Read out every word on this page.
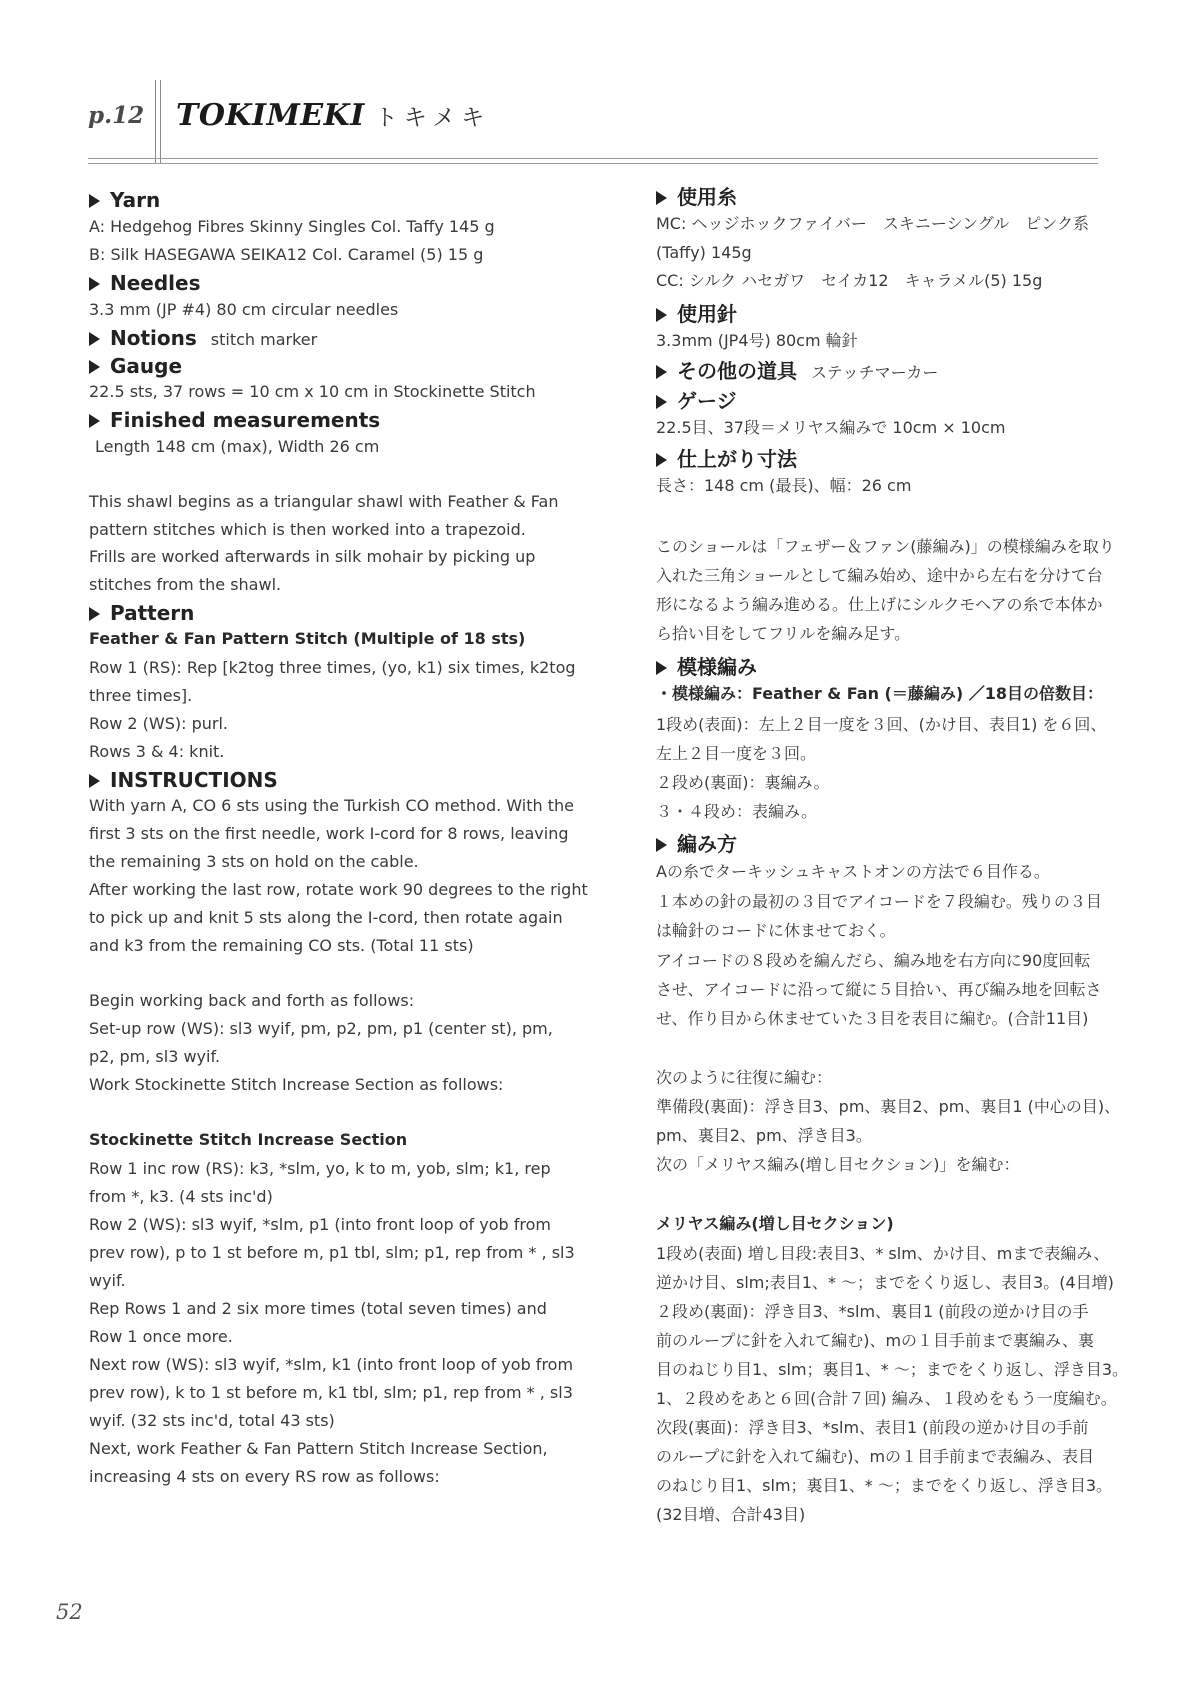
p.12 TOKIMEKI トキメキ
Yarn
A: Hedgehog Fibres Skinny Singles Col. Taffy 145 g
B: Silk HASEGAWA SEIKA12 Col. Caramel (5) 15 g
Needles
3.3 mm (JP #4) 80 cm circular needles
Notions stitch marker
Gauge
22.5 sts, 37 rows = 10 cm x 10 cm in Stockinette Stitch
Finished measurements
Length 148 cm (max), Width 26 cm
This shawl begins as a triangular shawl with Feather & Fan
pattern stitches which is then worked into a trapezoid.
Frills are worked afterwards in silk mohair by picking up
stitches from the shawl.
Pattern
Feather & Fan Pattern Stitch (Multiple of 18 sts)
Row 1 (RS): Rep [k2tog three times, (yo, k1) six times, k2tog
three times].
Row 2 (WS): purl.
Rows 3 & 4: knit.
INSTRUCTIONS
With yarn A, CO 6 sts using the Turkish CO method. With the
first 3 sts on the first needle, work I-cord for 8 rows, leaving
the remaining 3 sts on hold on the cable.
After working the last row, rotate work 90 degrees to the right
to pick up and knit 5 sts along the I-cord, then rotate again
and k3 from the remaining CO sts. (Total 11 sts)
Begin working back and forth as follows:
Set-up row (WS): sl3 wyif, pm, p2, pm, p1 (center st), pm,
p2, pm, sl3 wyif.
Work Stockinette Stitch Increase Section as follows:
Stockinette Stitch Increase Section
Row 1 inc row (RS): k3, *slm, yo, k to m, yob, slm; k1, rep
from *, k3. (4 sts inc'd)
Row 2 (WS): sl3 wyif, *slm, p1 (into front loop of yob from
prev row), p to 1 st before m, p1 tbl, slm; p1, rep from * , sl3
wyif.
Rep Rows 1 and 2 six more times (total seven times) and
Row 1 once more.
Next row (WS): sl3 wyif, *slm, k1 (into front loop of yob from
prev row), k to 1 st before m, k1 tbl, slm; p1, rep from * , sl3
wyif. (32 sts inc'd, total 43 sts)
Next, work Feather & Fan Pattern Stitch Increase Section,
increasing 4 sts on every RS row as follows:
使用糸
MC: ヘッジホックファイバー　スキニーシングル　ピンク系
(Taffy) 145g
CC: シルク ハセガワ　セイカ12　キャラメル(5) 15g
使用針
3.3mm (JP4号) 80cm 輪針
その他の道具 ステッチマーカー
ゲージ
22.5目、37段＝メリヤス編みで 10cm × 10cm
仕上がり寸法
長さ：148 cm (最長)、幅：26 cm
このショールは「フェザー＆ファン(藤編み)」の模様編みを取り
入れた三角ショールとして編み始め、途中から左右を分けて台
形になるよう編み進める。仕上げにシルクモヘアの糸で本体か
ら拾い目をしてフリルを編み足す。
模様編み
・模様編み：Feather & Fan (＝藤編み) ／18目の倍数目：
1段め(表面)：左上２目一度を３回、(かけ目、表目1) を６回、
左上２目一度を３回。
２段め(裏面)：裏編み。
３・４段め：表編み。
編み方
Aの糸でターキッシュキャストオンの方法で６目作る。
１本めの針の最初の３目でアイコードを７段編む。残りの３目
は輪針のコードに休ませておく。
アイコードの８段めを編んだら、編み地を右方向に90度回転
させ、アイコードに沿って縦に５目拾い、再び編み地を回転さ
せ、作り目から休ませていた３目を表目に編む。(合計11目)
次のように往復に編む：
準備段(裏面)：浮き目3、pm、裏目2、pm、裏目1 (中心の目)、
pm、裏目2、pm、浮き目3。
次の「メリヤス編み(増し目セクション)」を編む：
メリヤス編み(増し目セクション)
1段め(表面) 増し目段:表目3、* slm、かけ目、mまで表編み、
逆かけ目、slm;表目1、* ～；までをくり返し、表目3。(4目増)
２段め(裏面)：浮き目3、*slm、裏目1 (前段の逆かけ目の手
前のループに針を入れて編む)、mの１目手前まで裏編み、裏
目のねじり目1、slm；裏目1、* ～；までをくり返し、浮き目3。
1、２段めをあと６回(合計７回) 編み、１段めをもう一度編む。
次段(裏面)：浮き目3、*slm、表目1 (前段の逆かけ目の手前
のループに針を入れて編む)、mの１目手前まで表編み、表目
のねじり目1、slm；裏目1、* ～；までをくり返し、浮き目3。
(32目増、合計43目)
52
